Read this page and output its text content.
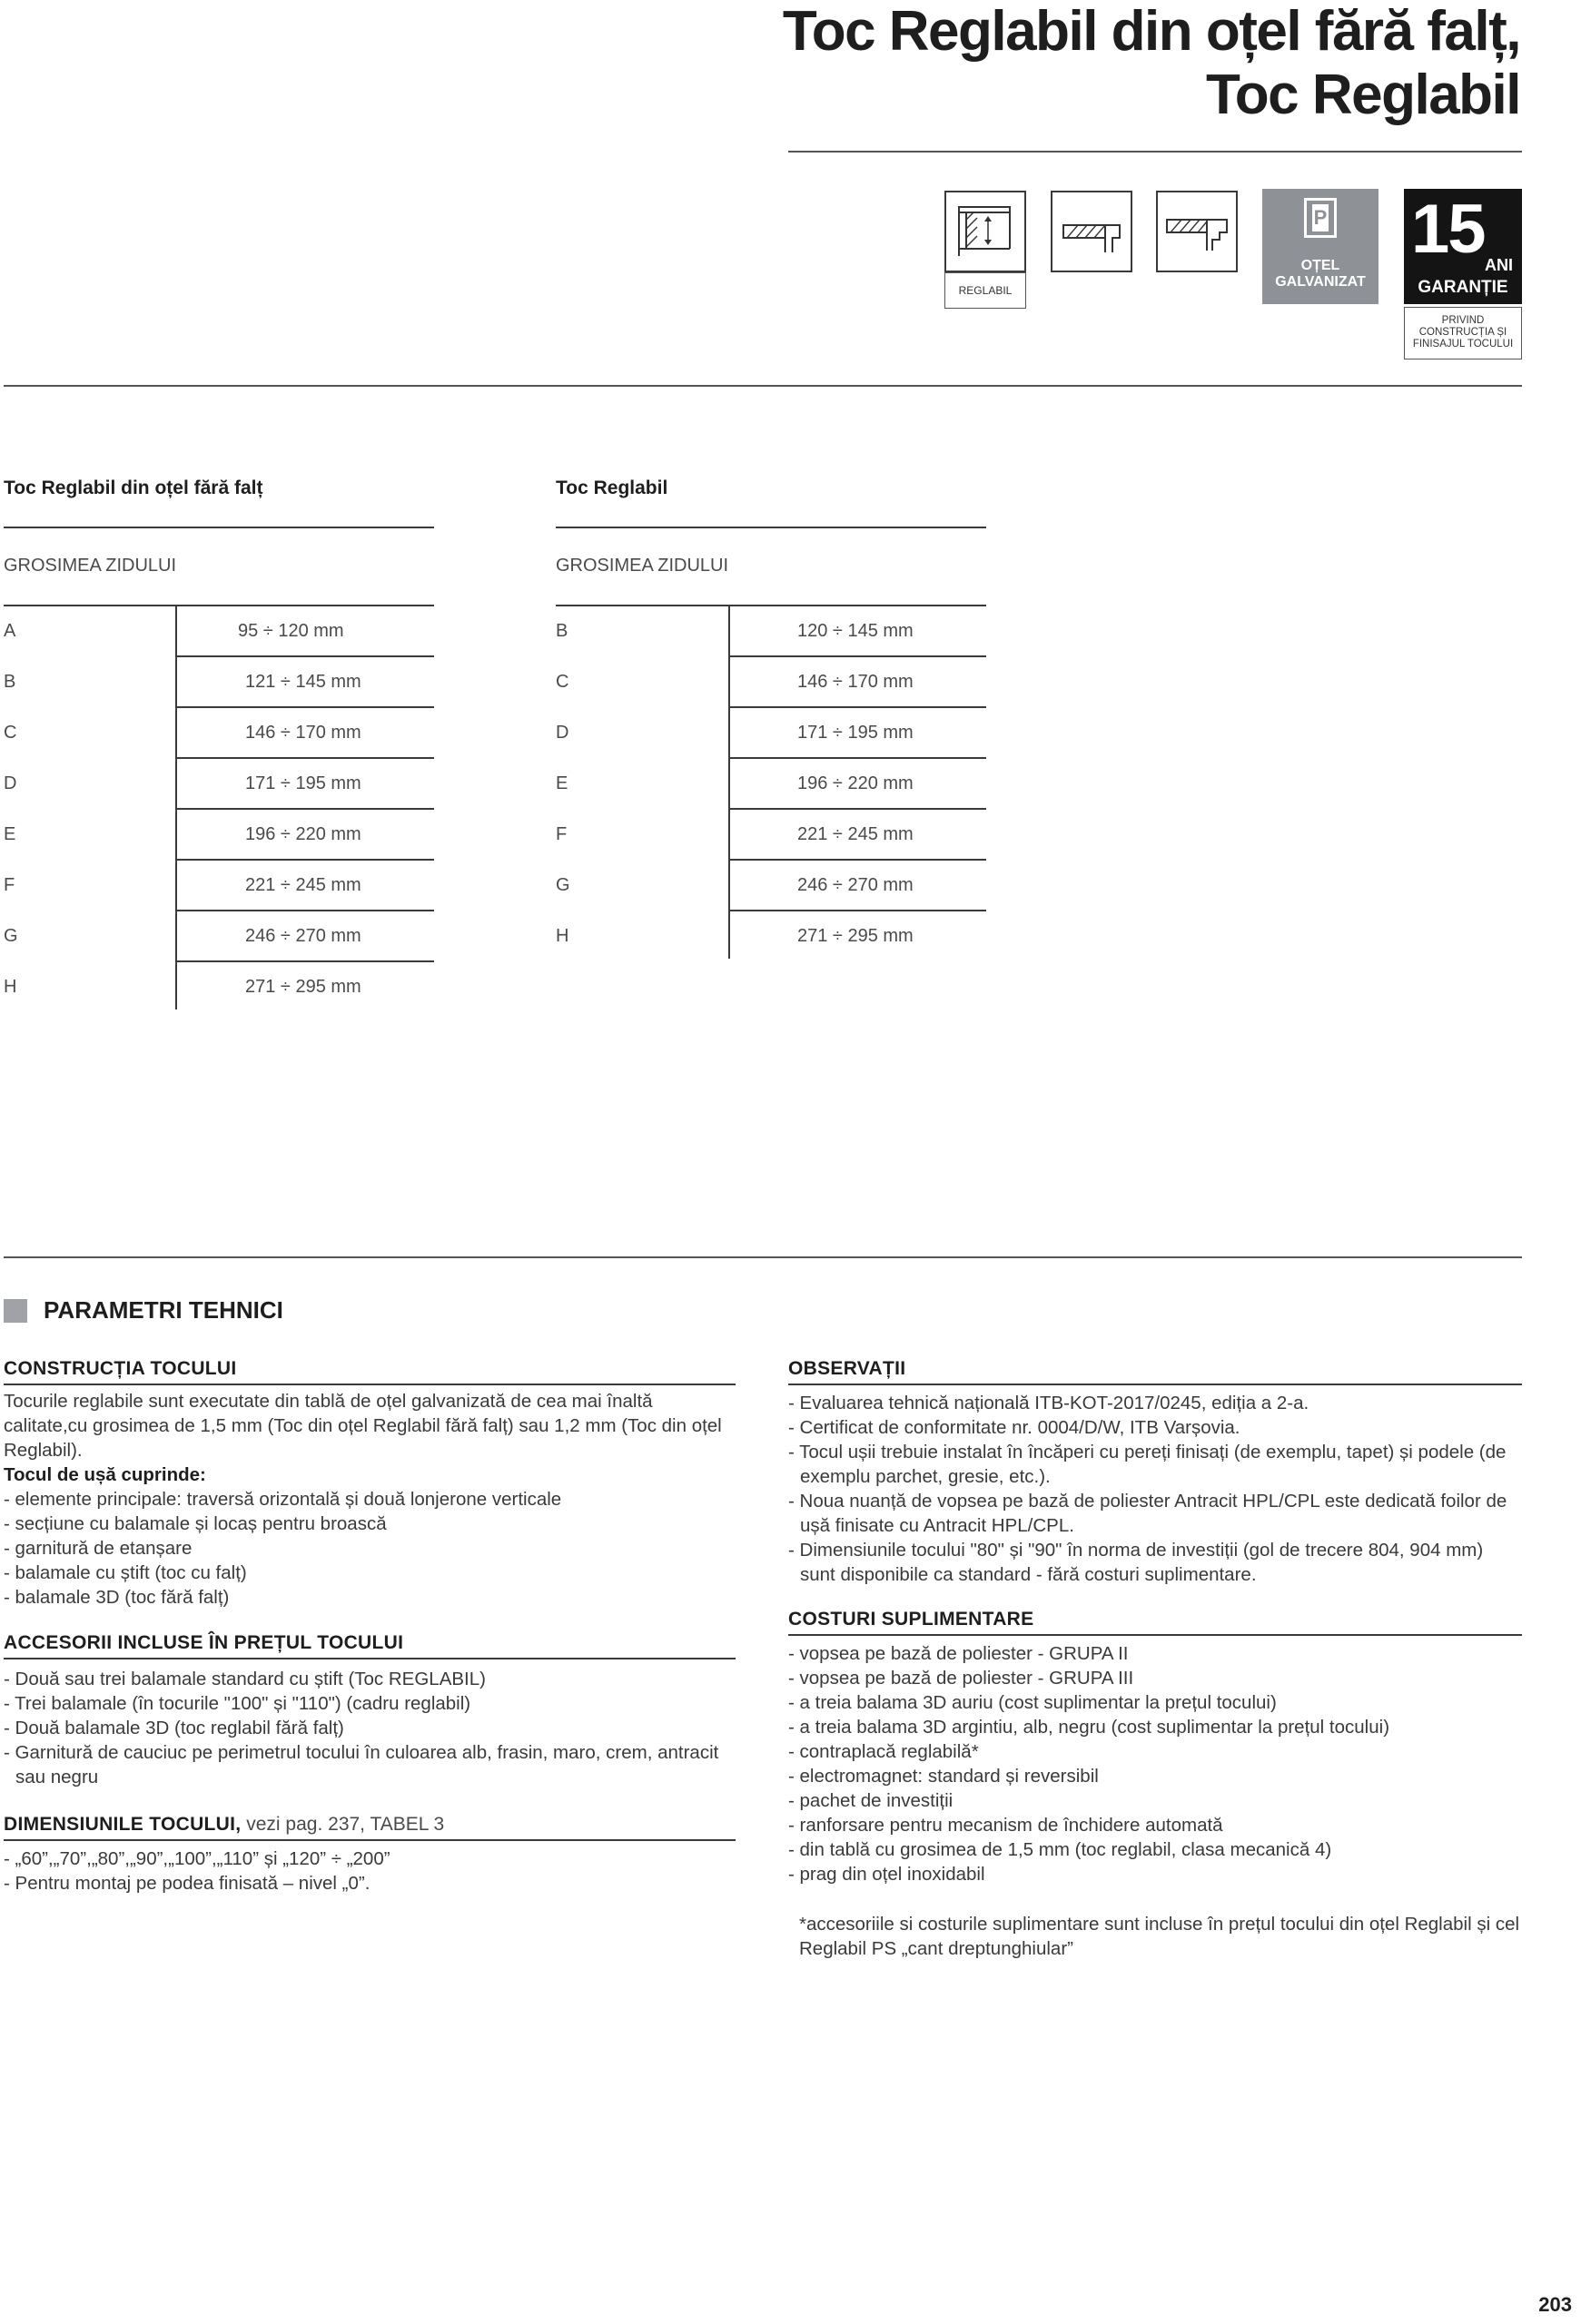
Toc Reglabil din oțel fără falț,
Toc Reglabil
REGLABIL
P
OȚEL
GALVANIZAT
15 ANI
GARANȚIE
PRIVIND
CONSTRUCȚIA ȘI
FINISAJUL TOCULUI
Toc Reglabil din oțel fără falț
GROSIMEA ZIDULUI
A	95 ÷ 120 mm
B	121 ÷ 145 mm
C	146 ÷ 170 mm
D	171 ÷ 195 mm
E	196 ÷ 220 mm
F	221 ÷ 245 mm
G	246 ÷ 270 mm
H	271 ÷ 295 mm
Toc Reglabil
GROSIMEA ZIDULUI
B	120 ÷ 145 mm
C	146 ÷ 170 mm
D	171 ÷ 195 mm
E	196 ÷ 220 mm
F	221 ÷ 245 mm
G	246 ÷ 270 mm
H	271 ÷ 295 mm
PARAMETRI TEHNICI
CONSTRUCȚIA TOCULUI

Tocurile reglabile sunt executate din tablă de oțel galvanizată de cea mai înaltă calitate,cu grosimea de 1,5 mm (Toc din oțel Reglabil fără falț) sau 1,2 mm (Toc din oțel Reglabil).

Tocul de ușă cuprinde:

- elemente principale: traversă orizontală și două lonjerone verticale

- secțiune cu balamale și locaș pentru broască

- garnitură de etanșare

- balamale cu știft (toc cu falț)

- balamale 3D (toc fără falț)

ACCESORII INCLUSE ÎN PREȚUL TOCULUI

- Două sau trei balamale standard cu știft (Toc REGLABIL)

- Trei balamale (în tocurile "100" și "110") (cadru reglabil)

- Două balamale 3D (toc reglabil fără falț)

- Garnitură de cauciuc pe perimetrul tocului în culoarea alb, frasin, maro, crem, antracit sau negru

DIMENSIUNILE TOCULUI, vezi pag. 237, TABEL 3

- „60”,„70”,„80”,„90”,„100”,„110” și „120” ÷ „200”

- Pentru montaj pe podea finisată – nivel „0”.

OBSERVAȚII

- Evaluarea tehnică națională ITB-KOT-2017/0245, ediția a 2-a.

- Certificat de conformitate nr. 0004/D/W, ITB Varșovia.

- Tocul ușii trebuie instalat în încăperi cu pereți finisați (de exemplu, tapet) și podele (de exemplu parchet, gresie, etc.).

- Noua nuanță de vopsea pe bază de poliester Antracit HPL/CPL este dedicată foilor de ușă finisate cu Antracit HPL/CPL.

- Dimensiunile tocului "80" și "90" în norma de investiții (gol de trecere 804, 904 mm) sunt disponibile ca standard - fără costuri suplimentare.

COSTURI SUPLIMENTARE

- vopsea pe bază de poliester - GRUPA II

- vopsea pe bază de poliester - GRUPA III

- a treia balama 3D auriu (cost suplimentar la prețul tocului)

- a treia balama 3D argintiu, alb, negru (cost suplimentar la prețul tocului)

- contraplacă reglabilă*

- electromagnet: standard și reversibil

- pachet de investiții

- ranforsare pentru mecanism de închidere automată

- din tablă cu grosimea de 1,5 mm (toc reglabil, clasa mecanică 4)

- prag din oțel inoxidabil

*accesoriile si costurile suplimentare sunt incluse în prețul tocului din oțel Reglabil și cel Reglabil PS „cant dreptunghiular”
203
